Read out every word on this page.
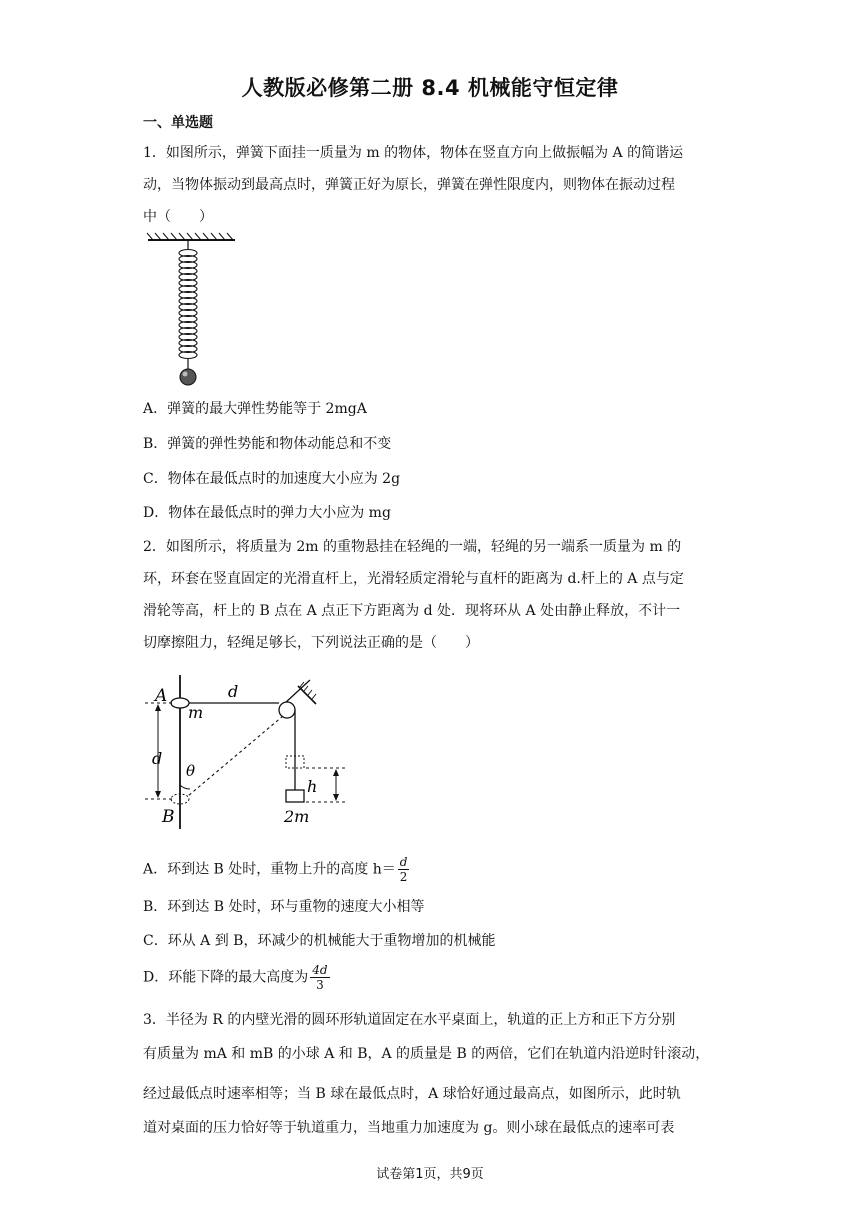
人教版必修第二册 8.4 机械能守恒定律
一、单选题
1．如图所示，弹簧下面挂一质量为 m 的物体，物体在竖直方向上做振幅为 A 的简谐运
动，当物体振动到最高点时，弹簧正好为原长，弹簧在弹性限度内，则物体在振动过程
中（　　）
A．弹簧的最大弹性势能等于 2mgA
B．弹簧的弹性势能和物体动能总和不变
C．物体在最低点时的加速度大小应为 2g
D．物体在最低点时的弹力大小应为 mg
2．如图所示，将质量为 2m 的重物悬挂在轻绳的一端，轻绳的另一端系一质量为 m 的
环，环套在竖直固定的光滑直杆上，光滑轻质定滑轮与直杆的距离为 d.杆上的 A 点与定
滑轮等高，杆上的 B 点在 A 点正下方距离为 d 处．现将环从 A 处由静止释放，不计一
切摩擦阻力，轻绳足够长，下列说法正确的是（　　）
A	d
m
d
θ
h
B	2m
A．环到达 B 处时，重物上升的高度 $h= \frac{d}{2}$
B．环到达 B 处时，环与重物的速度大小相等
C．环从 A 到 B，环减少的机械能大于重物增加的机械能
D．环能下降的最大高度为 $\frac{4d}{3}$
3．半径为 R 的内壁光滑的圆环形轨道固定在水平桌面上，轨道的正上方和正下方分别
有质量为 mA 和 mB 的小球 A 和 B，A 的质量是 B 的两倍，它们在轨道内沿逆时针滚动，
经过最低点时速率相等；当 B 球在最低点时，A 球恰好通过最高点，如图所示，此时轨
道对桌面的压力恰好等于轨道重力，当地重力加速度为 g。则小球在最低点的速率可表
试卷第1页，共9页
